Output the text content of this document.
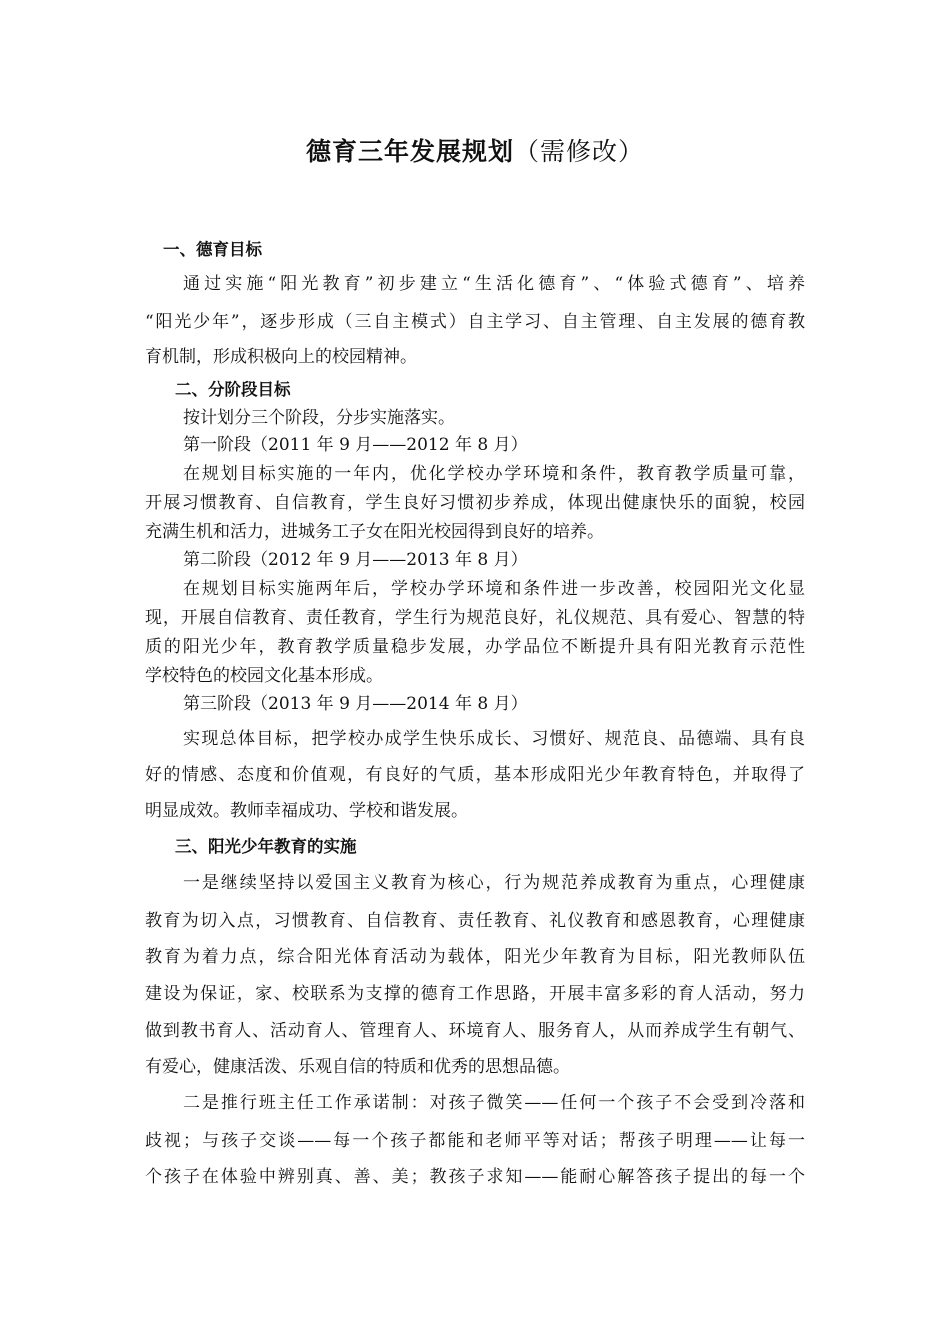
德育三年发展规划（需修改）
一、德育目标
通过实施“阳光教育”初步建立“生活化德育”、“体验式德育”、培养
“阳光少年”，逐步形成（三自主模式）自主学习、自主管理、自主发展的德育教
育机制，形成积极向上的校园精神。
二、分阶段目标
按计划分三个阶段，分步实施落实。
第一阶段（2011 年 9 月——2012 年 8 月）
在规划目标实施的一年内，优化学校办学环境和条件，教育教学质量可靠，
开展习惯教育、自信教育，学生良好习惯初步养成，体现出健康快乐的面貌，校园
充满生机和活力，进城务工子女在阳光校园得到良好的培养。
第二阶段（2012 年 9 月——2013 年 8 月）
在规划目标实施两年后，学校办学环境和条件进一步改善，校园阳光文化显
现，开展自信教育、责任教育，学生行为规范良好，礼仪规范、具有爱心、智慧的特
质的阳光少年，教育教学质量稳步发展，办学品位不断提升具有阳光教育示范性
学校特色的校园文化基本形成。
第三阶段（2013 年 9 月——2014 年 8 月）
实现总体目标，把学校办成学生快乐成长、习惯好、规范良、品德端、具有良
好的情感、态度和价值观，有良好的气质，基本形成阳光少年教育特色，并取得了
明显成效。教师幸福成功、学校和谐发展。
三、阳光少年教育的实施
一是继续坚持以爱国主义教育为核心，行为规范养成教育为重点，心理健康
教育为切入点，习惯教育、自信教育、责任教育、礼仪教育和感恩教育，心理健康
教育为着力点，综合阳光体育活动为载体，阳光少年教育为目标，阳光教师队伍
建设为保证，家、校联系为支撑的德育工作思路，开展丰富多彩的育人活动，努力
做到教书育人、活动育人、管理育人、环境育人、服务育人，从而养成学生有朝气、
有爱心，健康活泼、乐观自信的特质和优秀的思想品德。
二是推行班主任工作承诺制：对孩子微笑——任何一个孩子不会受到冷落和
歧视；与孩子交谈——每一个孩子都能和老师平等对话；帮孩子明理——让每一
个孩子在体验中辨别真、善、美；教孩子求知——能耐心解答孩子提出的每一个
